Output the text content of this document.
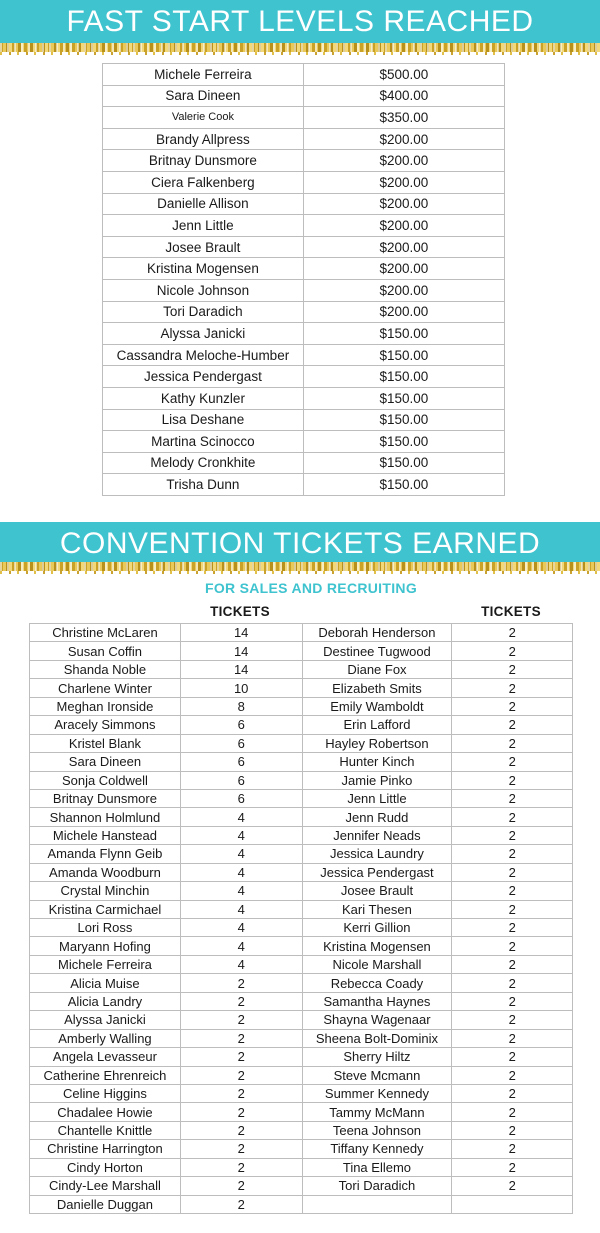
FAST START LEVELS REACHED
Michele Ferreira	$500.00
Sara Dineen	$400.00
Valerie Cook	$350.00
Brandy Allpress	$200.00
Britnay Dunsmore	$200.00
Ciera Falkenberg	$200.00
Danielle Allison	$200.00
Jenn Little	$200.00
Josee Brault	$200.00
Kristina Mogensen	$200.00
Nicole Johnson	$200.00
Tori Daradich	$200.00
Alyssa Janicki	$150.00
Cassandra Meloche-Humber	$150.00
Jessica Pendergast	$150.00
Kathy Kunzler	$150.00
Lisa Deshane	$150.00
Martina Scinocco	$150.00
Melody Cronkhite	$150.00
Trisha Dunn	$150.00
CONVENTION TICKETS EARNED
FOR SALES AND RECRUITING
TICKETS	TICKETS
Christine McLaren	14	Deborah Henderson	2
Susan Coffin	14	Destinee Tugwood	2
Shanda Noble	14	Diane Fox	2
Charlene Winter	10	Elizabeth Smits	2
Meghan Ironside	8	Emily Wamboldt	2
Aracely Simmons	6	Erin Lafford	2
Kristel Blank	6	Hayley Robertson	2
Sara Dineen	6	Hunter Kinch	2
Sonja Coldwell	6	Jamie Pinko	2
Britnay Dunsmore	6	Jenn Little	2
Shannon Holmlund	4	Jenn Rudd	2
Michele Hanstead	4	Jennifer Neads	2
Amanda Flynn Geib	4	Jessica Laundry	2
Amanda Woodburn	4	Jessica Pendergast	2
Crystal Minchin	4	Josee Brault	2
Kristina Carmichael	4	Kari Thesen	2
Lori Ross	4	Kerri Gillion	2
Maryann Hofing	4	Kristina Mogensen	2
Michele Ferreira	4	Nicole Marshall	2
Alicia Muise	2	Rebecca Coady	2
Alicia Landry	2	Samantha Haynes	2
Alyssa Janicki	2	Shayna Wagenaar	2
Amberly Walling	2	Sheena Bolt-Dominix	2
Angela Levasseur	2	Sherry Hiltz	2
Catherine Ehrenreich	2	Steve Mcmann	2
Celine Higgins	2	Summer Kennedy	2
Chadalee Howie	2	Tammy McMann	2
Chantelle Knittle	2	Teena Johnson	2
Christine Harrington	2	Tiffany Kennedy	2
Cindy Horton	2	Tina Ellemo	2
Cindy-Lee Marshall	2	Tori Daradich	2
Danielle Duggan	2		
